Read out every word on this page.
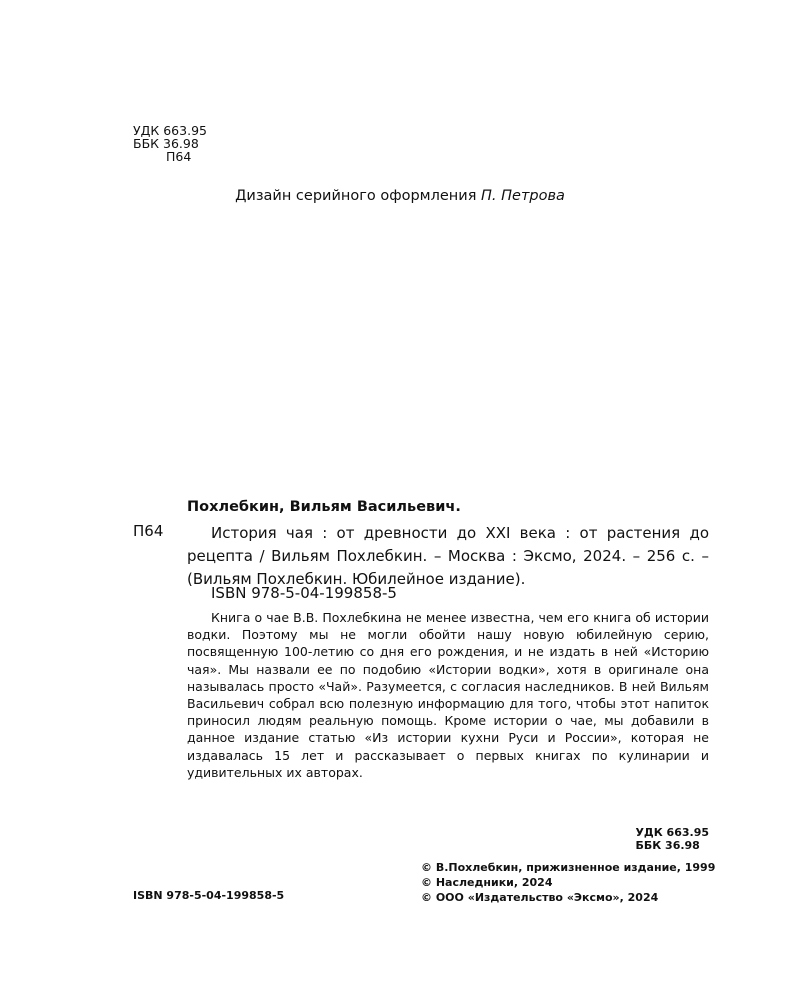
УДК 663.95
ББК 36.98
П64
Дизайн серийного оформления П. Петрова
Похлебкин, Вильям Васильевич.
П64	История чая : от древности до XXI века : от растения до рецепта / Вильям Похлебкин. – Москва : Эксмо, 2024. – 256 с. – (Вильям Похлебкин. Юбилейное издание).
ISBN 978-5-04-199858-5

Книга о чае В.В. Похлебкина не менее известна, чем его книга об истории водки. Поэтому мы не могли обойти нашу новую юбилейную серию, посвященную 100-летию со дня его рождения, и не издать в ней «Историю чая». Мы назвали ее по подобию «Истории водки», хотя в оригинале она называлась просто «Чай». Разумеется, с согласия наследников. В ней Вильям Васильевич собрал всю полезную информацию для того, чтобы этот напиток приносил людям реальную помощь. Кроме истории о чае, мы добавили в данное издание статью «Из истории кухни Руси и России», которая не издавалась 15 лет и рассказывает о первых книгах по кулинарии и удивительных их авторах.

УДК 663.95
ББК 36.98
ISBN 978-5-04-199858-5
© В.Похлебкин, прижизненное издание, 1999
© Наследники, 2024
© ООО «Издательство «Эксмо», 2024
